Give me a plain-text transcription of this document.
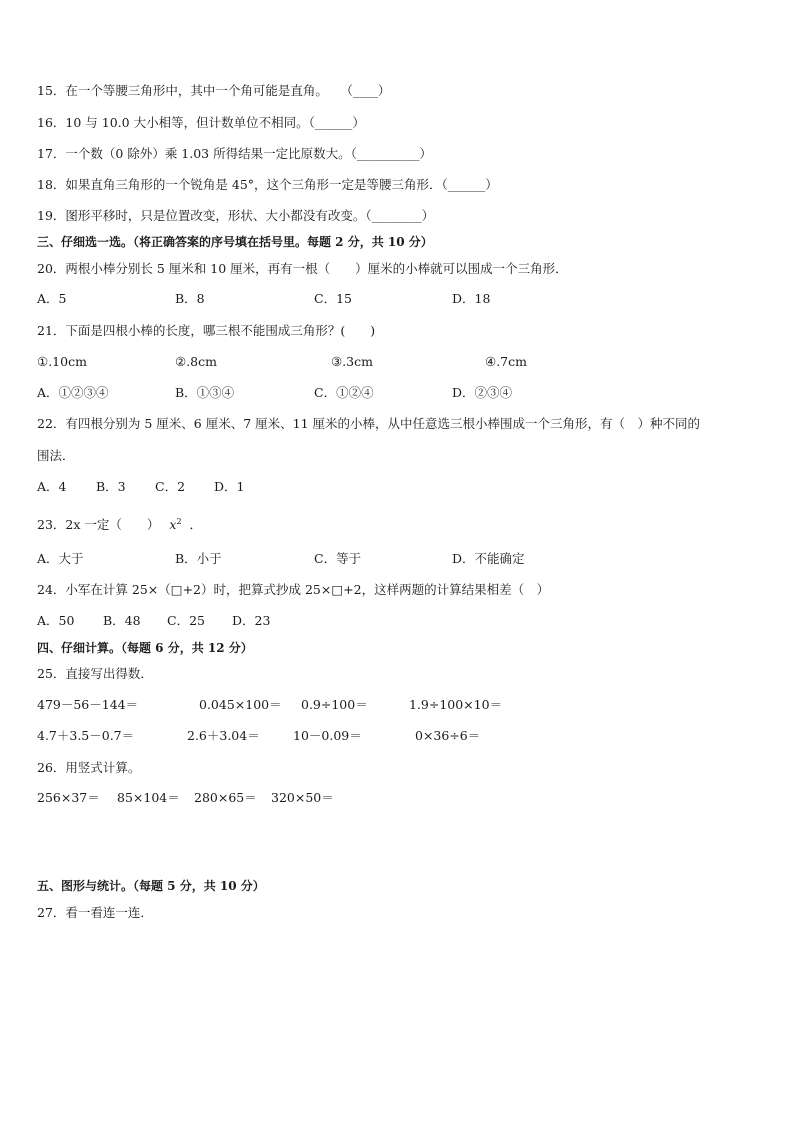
15．在一个等腰三角形中，其中一个角可能是直角。　　（____）
16．10 与 10.0 大小相等，但计数单位不相同。（______）
17．一个数（0 除外）乘 1.03 所得结果一定比原数大。（__________）
18．如果直角三角形的一个锐角是 45°，这个三角形一定是等腰三角形．（______）
19．图形平移时，只是位置改变，形状、大小都没有改变。（________）
三、仔细选一选。（将正确答案的序号填在括号里。每题 2 分，共 10 分）
20．两根小棒分别长 5 厘米和 10 厘米，再有一根（　　）厘米的小棒就可以围成一个三角形．
A．5	B．8	C．15	D．18
21．下面是四根小棒的长度，哪三根不能围成三角形？(　　)
①.10cm	②.8cm	③.3cm	④.7cm
A．①②③④	B．①③④	C．①②④	D．②③④
22．有四根分别为 5 厘米、6 厘米、7 厘米、11 厘米的小棒，从中任意选三根小棒围成一个三角形，有（　）种不同的
围法．
A．4 B．3 C．2 D．1
23．2x 一定（　　） $x^2$ ．
A．大于	B．小于	C．等于	D．不能确定
24．小军在计算 25×（□+2）时，把算式抄成 25×□+2，这样两题的计算结果相差（　）
A．50 B．48 C．25 D．23
四、仔细计算。（每题 6 分，共 12 分）
25．直接写出得数．
479－56－144＝	0.045×100＝ 0.9÷100＝	1.9÷100×10＝
4.7＋3.5－0.7＝	2.6＋3.04＝	10－0.09＝	0×36÷6＝
26．用竖式计算。
256×37＝ 85×104＝ 280×65＝ 320×50＝
五、图形与统计。（每题 5 分，共 10 分）
27．看一看连一连．
